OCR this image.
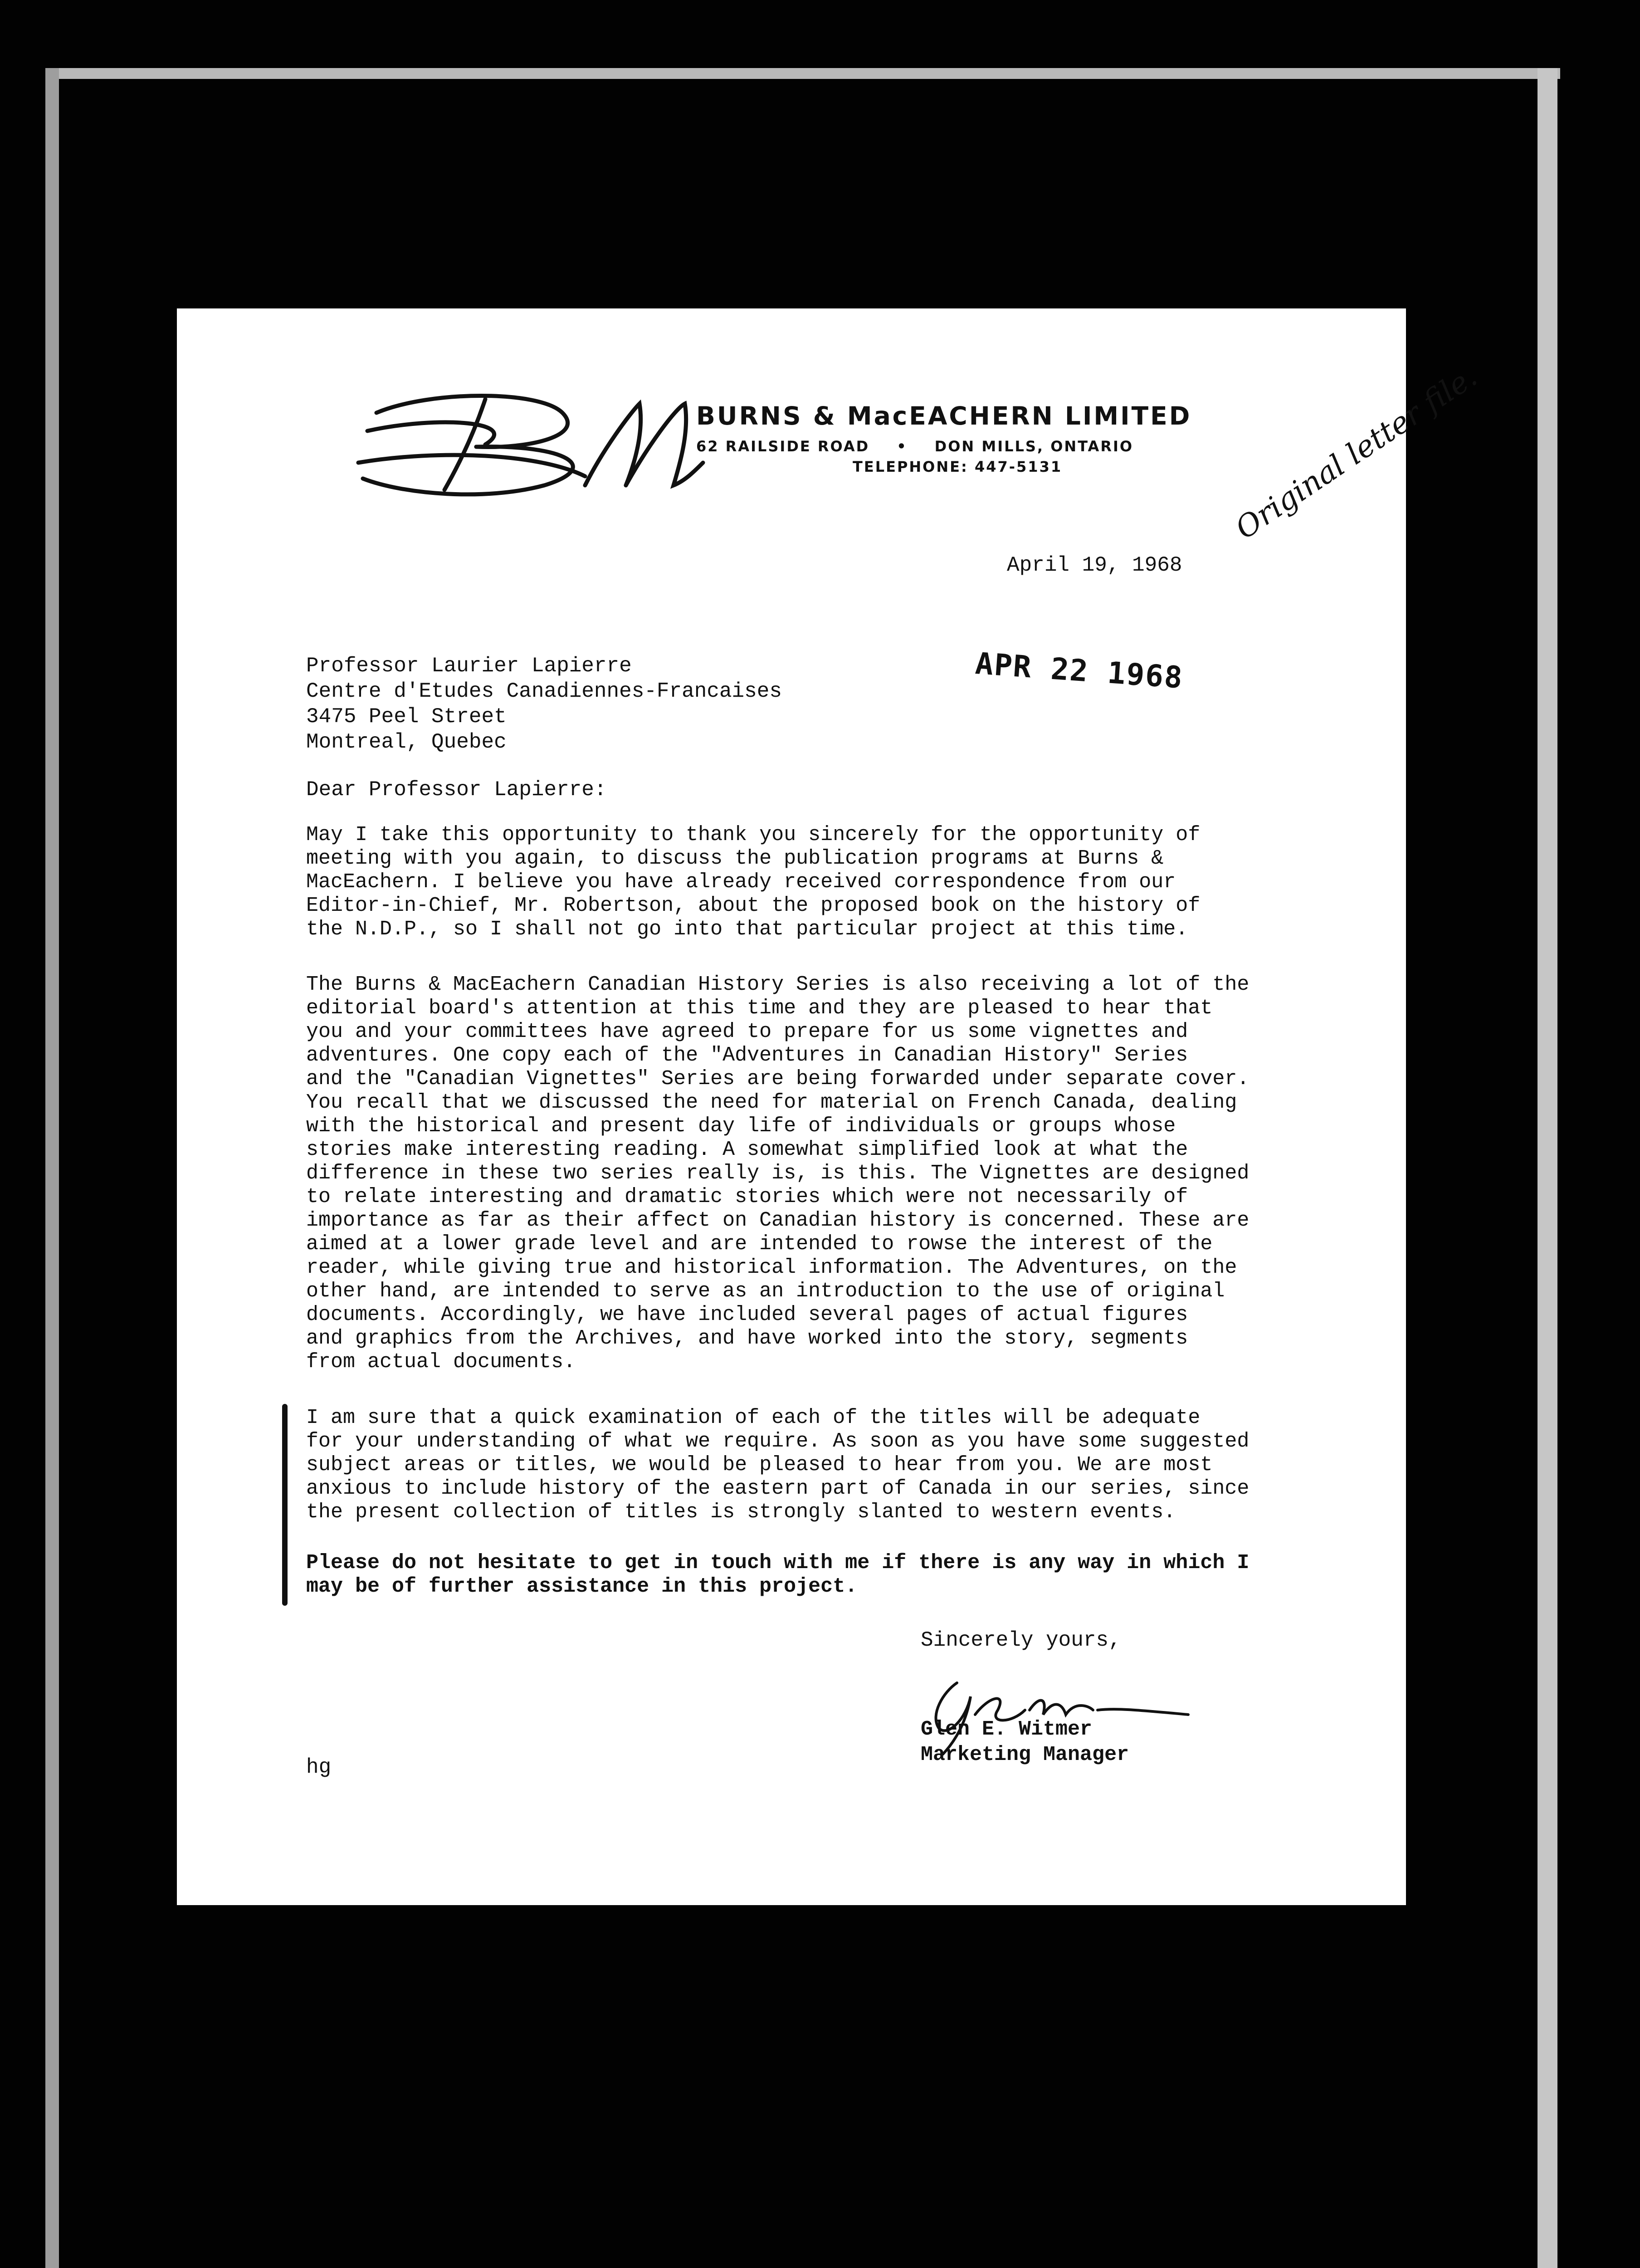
BURNS & MacEACHERN LIMITED
62 RAILSIDE ROAD • DON MILLS, ONTARIO
TELEPHONE: 447-5131
April 19, 1968
Original letter file.
APR 22 1968
Professor Laurier Lapierre
Centre d'Etudes Canadiennes-Francaises
3475 Peel Street
Montreal, Quebec
Dear Professor Lapierre:
May I take this opportunity to thank you sincerely for the opportunity of
meeting with you again, to discuss the publication programs at Burns &
MacEachern. I believe you have already received correspondence from our
Editor-in-Chief, Mr. Robertson, about the proposed book on the history of
the N.D.P., so I shall not go into that particular project at this time.
The Burns & MacEachern Canadian History Series is also receiving a lot of the
editorial board's attention at this time and they are pleased to hear that
you and your committees have agreed to prepare for us some vignettes and
adventures. One copy each of the "Adventures in Canadian History" Series
and the "Canadian Vignettes" Series are being forwarded under separate cover.
You recall that we discussed the need for material on French Canada, dealing
with the historical and present day life of individuals or groups whose
stories make interesting reading. A somewhat simplified look at what the
difference in these two series really is, is this. The Vignettes are designed
to relate interesting and dramatic stories which were not necessarily of
importance as far as their affect on Canadian history is concerned. These are
aimed at a lower grade level and are intended to rowse the interest of the
reader, while giving true and historical information. The Adventures, on the
other hand, are intended to serve as an introduction to the use of original
documents. Accordingly, we have included several pages of actual figures
and graphics from the Archives, and have worked into the story, segments
from actual documents.
I am sure that a quick examination of each of the titles will be adequate
for your understanding of what we require. As soon as you have some suggested
subject areas or titles, we would be pleased to hear from you. We are most
anxious to include history of the eastern part of Canada in our series, since
the present collection of titles is strongly slanted to western events.
Please do not hesitate to get in touch with me if there is any way in which I
may be of further assistance in this project.
Sincerely yours,
Glen E. Witmer
Marketing Manager
hg
